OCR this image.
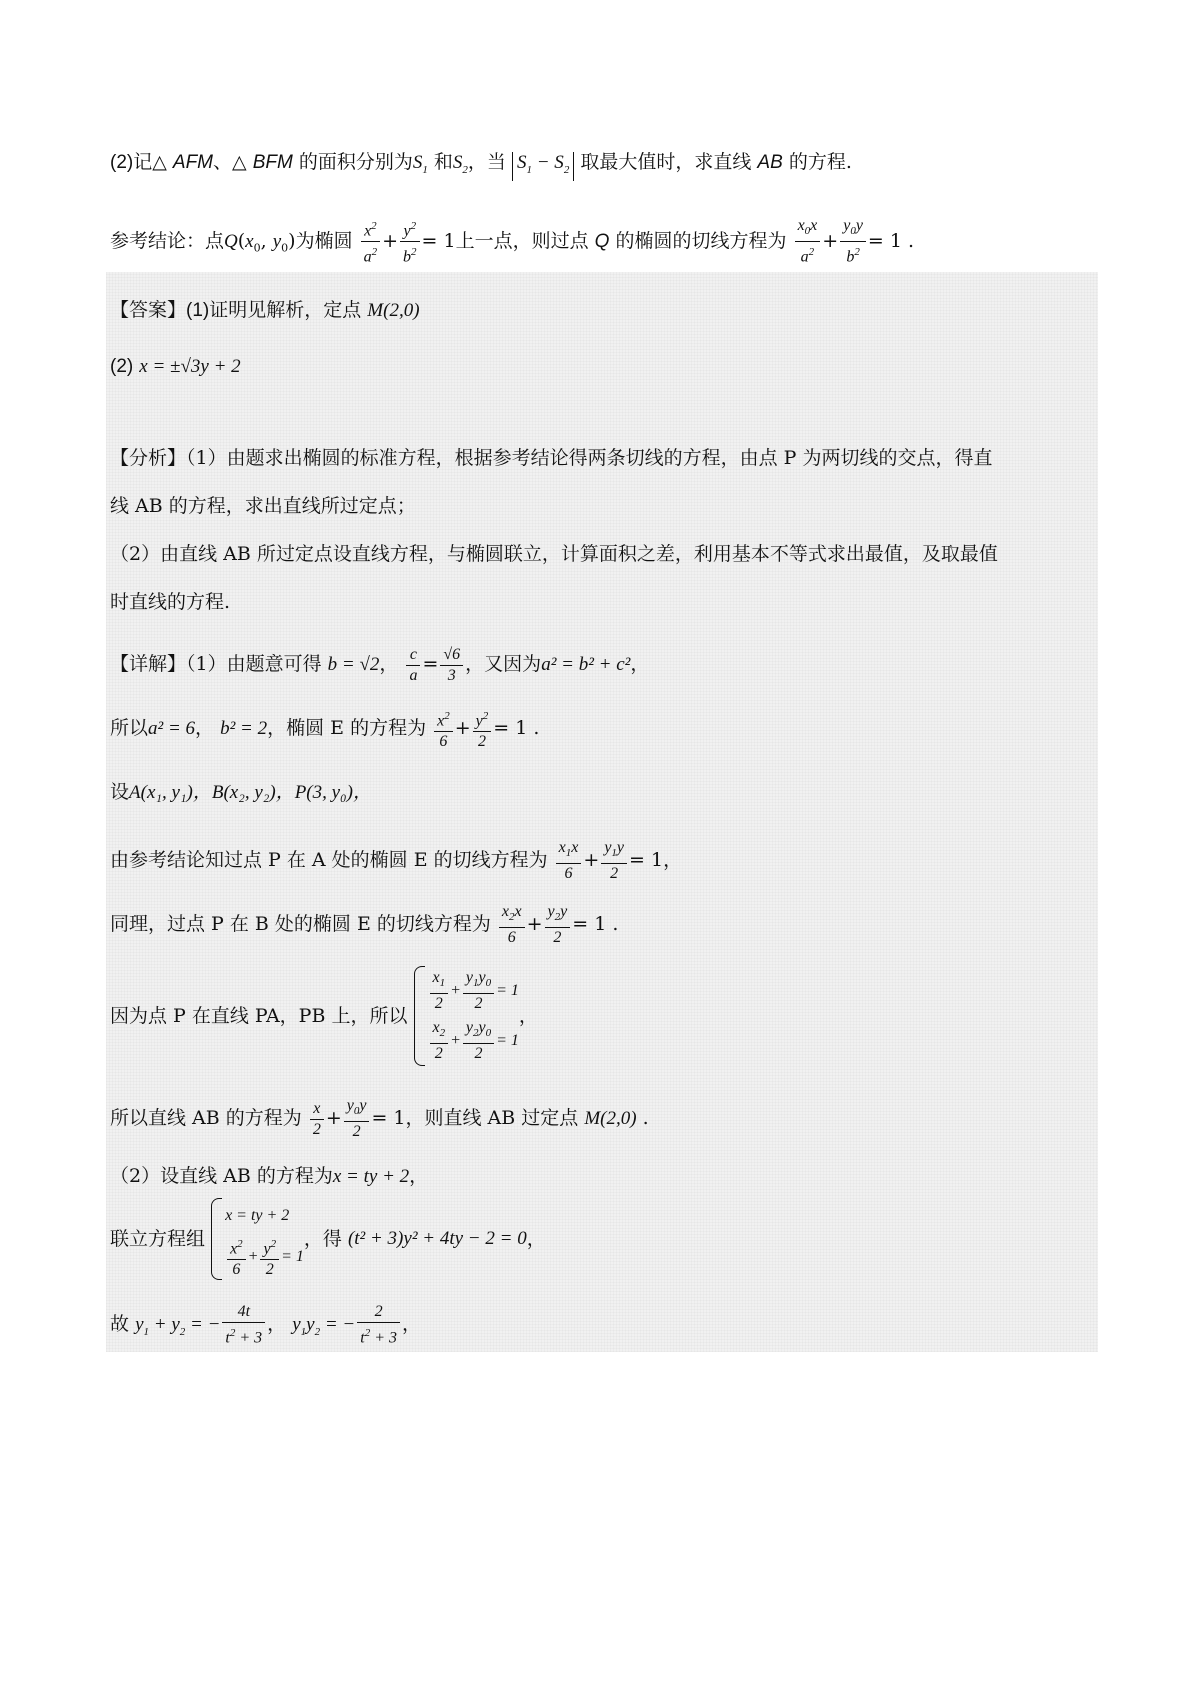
(2)记△ AFM、△ BFM 的面积分别为$S_1$ 和$S_2$，当 $S_1 - S_2$ 取最大值时，求直线 AB 的方程.
参考结论：点$Q(x_0$, $y_0$)为椭圆 $\frac{x^2}{a^2} + \frac{y^2}{b^2} = 1$上一点，则过点 Q 的椭圆的切线方程为 $\frac{x_0x}{a^2} + \frac{y_0y}{b^2} = 1$ .
【答案】(1)证明见解析，定点 M(2,0)
(2) x = ±√3y + 2
【分析】（1）由题求出椭圆的标准方程，根据参考结论得两条切线的方程，由点 P 为两切线的交点，得直
线 AB 的方程，求出直线所过定点；
（2）由直线 AB 所过定点设直线方程，与椭圆联立，计算面积之差，利用基本不等式求出最值，及取最值
时直线的方程.
【详解】（1）由题意可得 b = √2， $\frac{c}{a} = \frac{√6}{3}$ ，又因为a² = b² + c²，
所以a² = 6， b² = 2，椭圆 E 的方程为 $\frac{x^2}{6} + \frac{y^2}{2} = 1$ .
设A(x₁, y₁)，B(x₂, y₂)，P(3, y₀)，
由参考结论知过点 P 在 A 处的椭圆 E 的切线方程为 $\frac{x_1x}{6} + \frac{y_1y}{2} = 1$，
同理，过点 P 在 B 处的椭圆 E 的切线方程为 $\frac{x_2x}{6} + \frac{y_2y}{2} = 1$ .
因为点 P 在直线 PA，PB 上，所以
$\frac{x_1}{2} + \frac{y_1y_0}{2} = 1$
$\frac{x_2}{2} + \frac{y_2y_0}{2} = 1$
，
所以直线 AB 的方程为 $\frac{x}{2} + \frac{y_0y}{2} = 1$，则直线 AB 过定点 M(2,0) .
（2）设直线 AB 的方程为x = ty + 2，
联立方程组
x = ty + 2
$\frac{x^2}{6} + \frac{y^2}{2} = 1$
，得 (t² + 3)y² + 4ty − 2 = 0，
故 $y_1 + y_2$ = − $\frac{4t}{t^2 + 3}$ ， $y_1y_2$ = − $\frac{2}{t^2 + 3}$ ，
